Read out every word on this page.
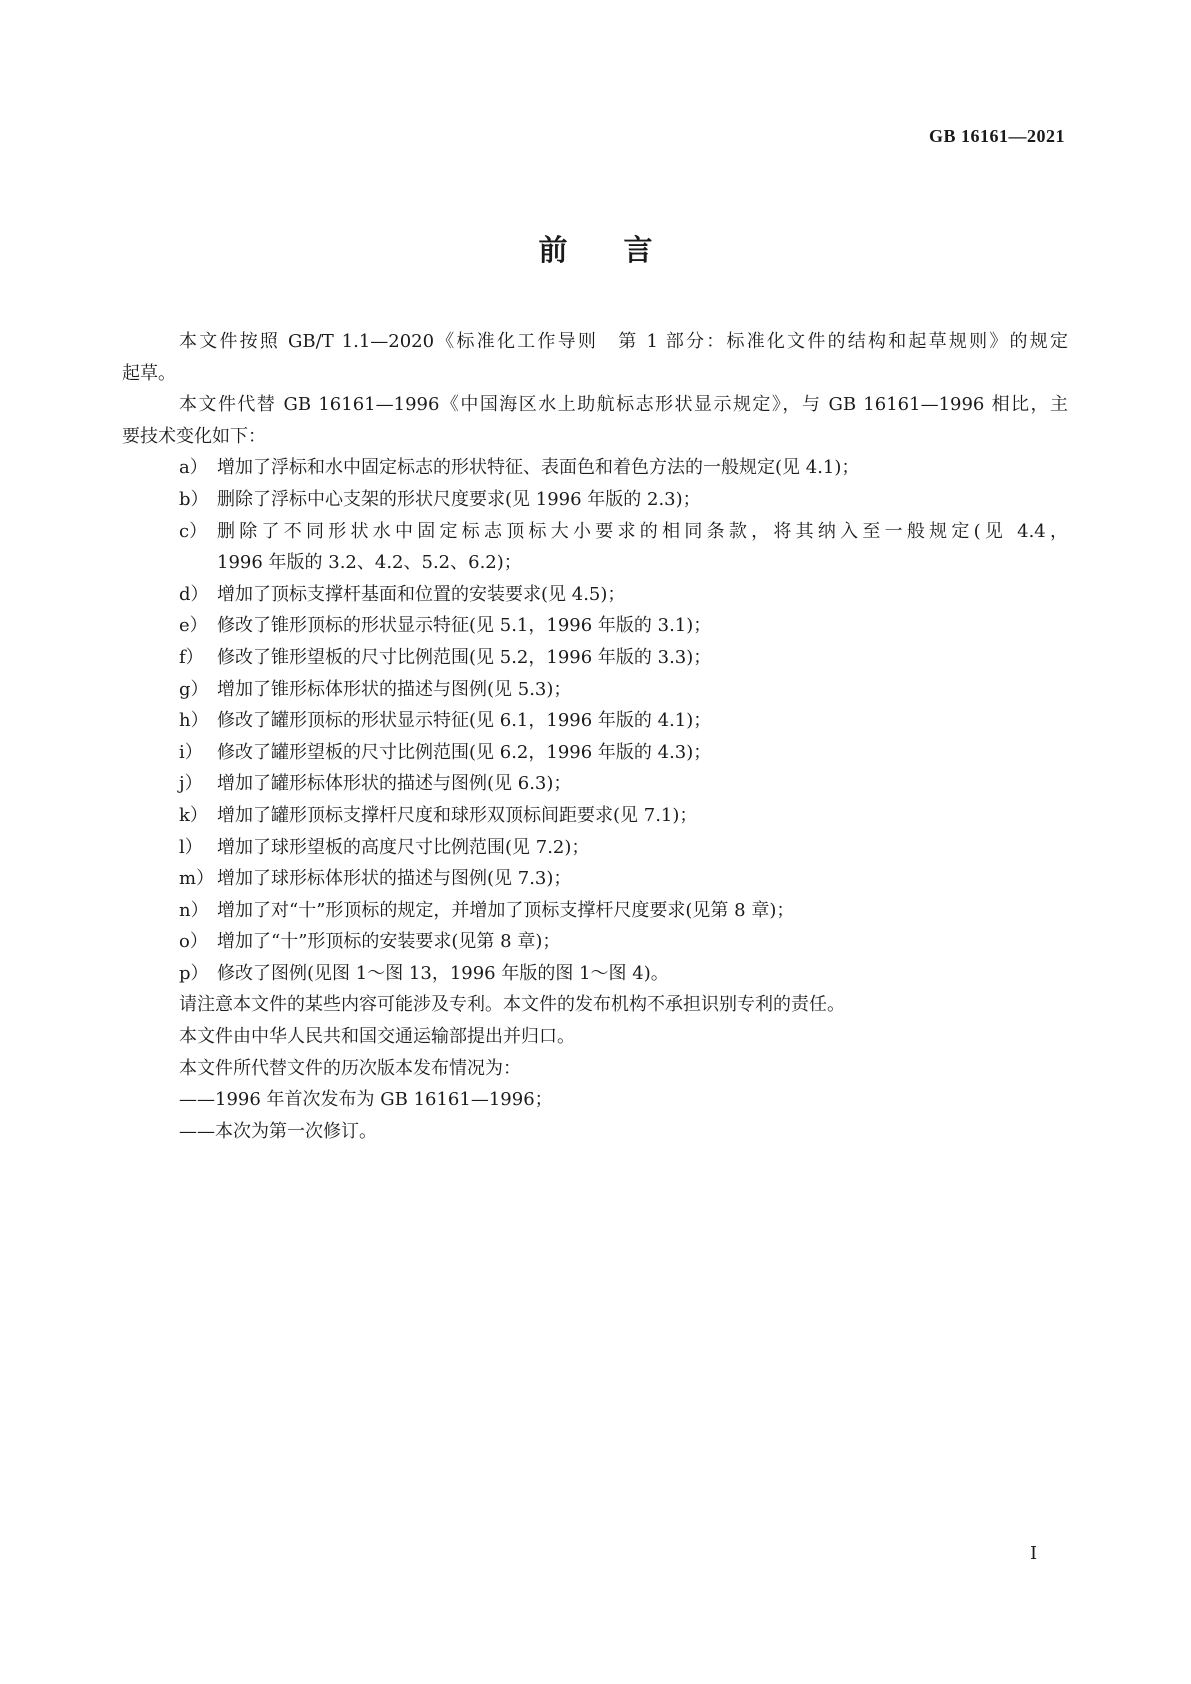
GB 16161—2021
前 言
本文件按照 GB/T 1.1—2020《标准化工作导则　第 1 部分：标准化文件的结构和起草规则》的规定
起草。
本文件代替 GB 16161—1996《中国海区水上助航标志形状显示规定》，与 GB 16161—1996 相比，主
要技术变化如下：
a） 增加了浮标和水中固定标志的形状特征、表面色和着色方法的一般规定(见 4.1)；
b） 删除了浮标中心支架的形状尺度要求(见 1996 年版的 2.3)；
c） 删除了不同形状水中固定标志顶标大小要求的相同条款，将其纳入至一般规定(见 4.4，
1996 年版的 3.2、4.2、5.2、6.2)；
d） 增加了顶标支撑杆基面和位置的安装要求(见 4.5)；
e） 修改了锥形顶标的形状显示特征(见 5.1，1996 年版的 3.1)；
f） 修改了锥形望板的尺寸比例范围(见 5.2，1996 年版的 3.3)；
g） 增加了锥形标体形状的描述与图例(见 5.3)；
h） 修改了罐形顶标的形状显示特征(见 6.1，1996 年版的 4.1)；
i） 修改了罐形望板的尺寸比例范围(见 6.2，1996 年版的 4.3)；
j） 增加了罐形标体形状的描述与图例(见 6.3)；
k） 增加了罐形顶标支撑杆尺度和球形双顶标间距要求(见 7.1)；
l） 增加了球形望板的高度尺寸比例范围(见 7.2)；
m） 增加了球形标体形状的描述与图例(见 7.3)；
n） 增加了对“十”形顶标的规定，并增加了顶标支撑杆尺度要求(见第 8 章)；
o） 增加了“十”形顶标的安装要求(见第 8 章)；
p） 修改了图例(见图 1～图 13，1996 年版的图 1～图 4)。
请注意本文件的某些内容可能涉及专利。本文件的发布机构不承担识别专利的责任。
本文件由中华人民共和国交通运输部提出并归口。
本文件所代替文件的历次版本发布情况为：
——1996 年首次发布为 GB 16161—1996；
——本次为第一次修订。
I
